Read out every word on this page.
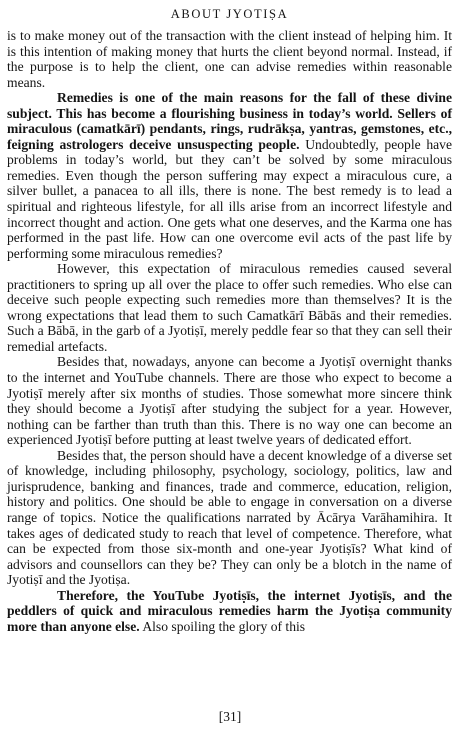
ABOUT JYOTIṢA

is to make money out of the transaction with the client instead of helping him. It is this intention of making money that hurts the client beyond normal. Instead, if the purpose is to help the client, one can advise remedies within reasonable means.

Remedies is one of the main reasons for the fall of these divine subject. This has become a flourishing business in today’s world. Sellers of miraculous (camatkārī) pendants, rings, rudrākṣa, yantras, gemstones, etc., feigning astrologers deceive unsuspecting people. Undoubtedly, people have problems in today’s world, but they can’t be solved by some miraculous remedies. Even though the person suffering may expect a miraculous cure, a silver bullet, a panacea to all ills, there is none. The best remedy is to lead a spiritual and righteous lifestyle, for all ills arise from an incorrect lifestyle and incorrect thought and action. One gets what one deserves, and the Karma one has performed in the past life. How can one overcome evil acts of the past life by performing some miraculous remedies?

However, this expectation of miraculous remedies caused several practitioners to spring up all over the place to offer such remedies. Who else can deceive such people expecting such remedies more than themselves? It is the wrong expectations that lead them to such Camatkārī Bābās and their remedies. Such a Bābā, in the garb of a Jyotiṣī, merely peddle fear so that they can sell their remedial artefacts.

Besides that, nowadays, anyone can become a Jyotiṣī overnight thanks to the internet and YouTube channels. There are those who expect to become a Jyotiṣī merely after six months of studies. Those somewhat more sincere think they should become a Jyotiṣī after studying the subject for a year. However, nothing can be farther than truth than this. There is no way one can become an experienced Jyotiṣī before putting at least twelve years of dedicated effort.

Besides that, the person should have a decent knowledge of a diverse set of knowledge, including philosophy, psychology, sociology, politics, law and jurisprudence, banking and finances, trade and commerce, education, religion, history and politics. One should be able to engage in conversation on a diverse range of topics. Notice the qualifications narrated by Ācārya Varāhamihira. It takes ages of dedicated study to reach that level of competence. Therefore, what can be expected from those six-month and one-year Jyotiṣīs? What kind of advisors and counsellors can they be? They can only be a blotch in the name of Jyotiṣī and the Jyotiṣa.

Therefore, the YouTube Jyotiṣīs, the internet Jyotiṣīs, and the peddlers of quick and miraculous remedies harm the Jyotiṣa community more than anyone else. Also spoiling the glory of this

[31]
